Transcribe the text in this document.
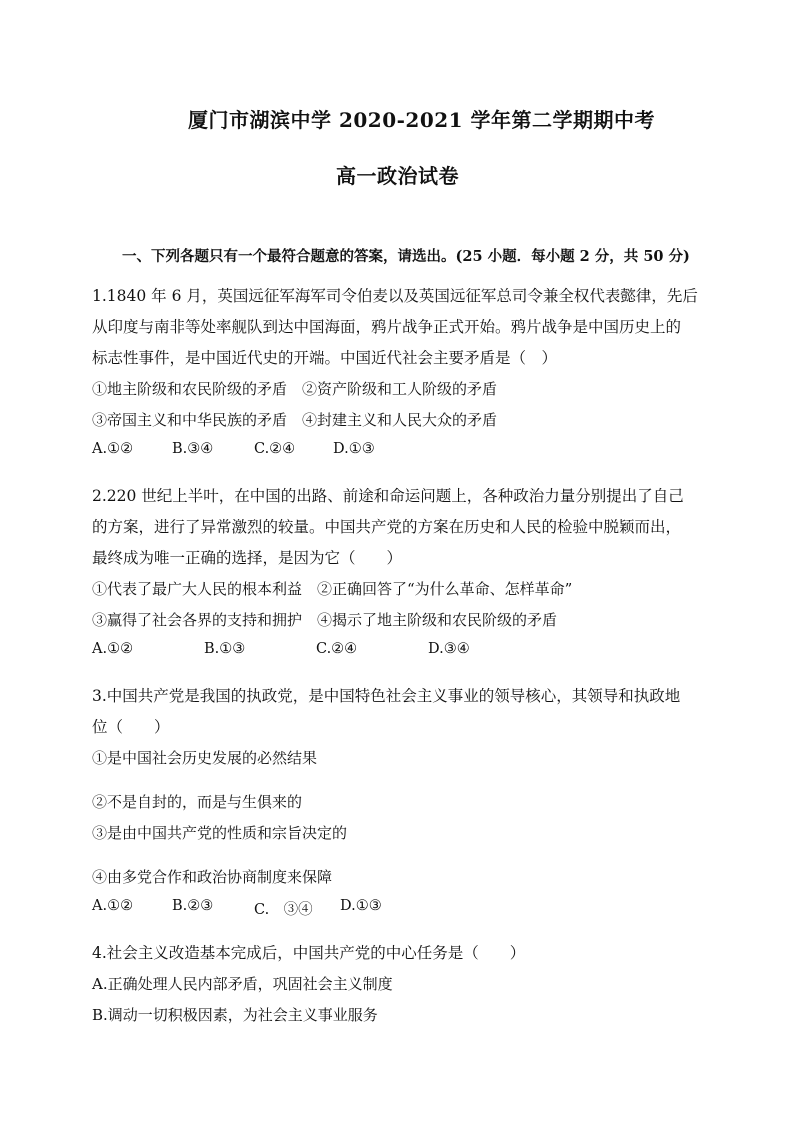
厦门市湖滨中学 2020-2021 学年第二学期期中考
高一政治试卷
一、下列各题只有一个最符合题意的答案，请选出。(25 小题．每小题 2 分，共 50 分)
1.1840 年 6 月，英国远征军海军司令伯麦以及英国远征军总司令兼全权代表懿律，先后
从印度与南非等处率舰队到达中国海面，鸦片战争正式开始。鸦片战争是中国历史上的
标志性事件，是中国近代史的开端。中国近代社会主要矛盾是（　）
①地主阶级和农民阶级的矛盾　②资产阶级和工人阶级的矛盾
③帝国主义和中华民族的矛盾　④封建主义和人民大众的矛盾
A.①②	B.③④	C.②④	D.①③
2.220 世纪上半叶，在中国的出路、前途和命运问题上，各种政治力量分别提出了自己
的方案，进行了异常激烈的较量。中国共产党的方案在历史和人民的检验中脱颖而出，
最终成为唯一正确的选择，是因为它（　　）
①代表了最广大人民的根本利益　②正确回答了“为什么革命、怎样革命”
③赢得了社会各界的支持和拥护　④揭示了地主阶级和农民阶级的矛盾
A.①②	B.①③	C.②④	D.③④
3.中国共产党是我国的执政党，是中国特色社会主义事业的领导核心，其领导和执政地
位（　　）
①是中国社会历史发展的必然结果
②不是自封的，而是与生俱来的
③是由中国共产党的性质和宗旨决定的
④由多党合作和政治协商制度来保障
A.①②	B.②③	C.　③④ D.①③
4.社会主义改造基本完成后，中国共产党的中心任务是（　　）
A.正确处理人民内部矛盾，巩固社会主义制度
B.调动一切积极因素，为社会主义事业服务
